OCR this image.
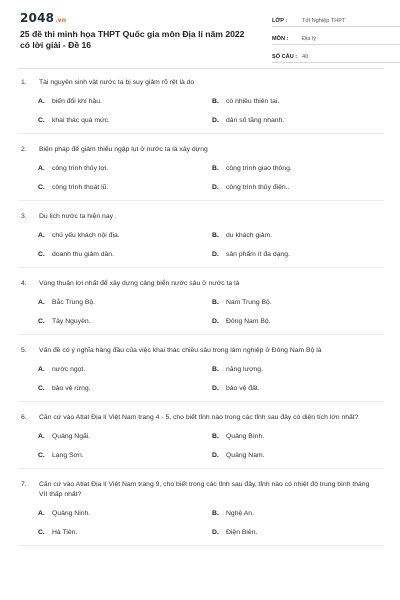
2048.vn
25 đề thi minh họa THPT Quốc gia môn Địa lí năm 2022 có lời giải - Đề 16
LỚP :	Tốt Nghiệp THPT
MÔN :	Địa lý
SỐ CÂU : 40
1.	Tài nguyên sinh vật nước ta bị suy giảm rõ rệt là do
A.	biến đổi khí hậu.	B.	có nhiều thiên tai.
C.	khai thác quá mức.	D.	dân số tăng nhanh.
2.	Biện pháp để giảm thiểu ngập lụt ở nước ta là xây dựng
A.	công trình thủy lợi.	B.	công trình giao thông.
C.	công trình thoát lũ.	D.	công trình thủy điện..
3.	Du lịch nước ta hiện nay .
A.	chủ yếu khách nội địa.	B.	du khách giảm.
C.	doanh thu giảm dần.	D.	sản phẩm ít đa dạng.
4.	Vùng thuận lợi nhất để xây dựng cảng biển nước sâu ở nước ta là
A.	Bắc Trung Bộ.	B.	Nam Trung Bộ.
C.	Tây Nguyên.	D.	Đông Nam Bộ.
5.	Vấn đề có ý nghĩa hàng đầu của việc khai thác chiều sâu trong lâm nghiệp ở Đông Nam Bộ là
A.	nước ngọt.	B.	năng lượng.
C.	bảo vệ rừng.	D.	bảo vệ đất.
6.	Căn cứ vào Atlat Địa lí Việt Nam trang 4 - 5, cho biết tỉnh nào trong các tỉnh sau đây có diện tích lớn nhất?
A.	Quảng Ngãi.	B.	Quảng Bình.
C.	Lạng Sơn.	D.	Quảng Nam.
7.	Căn cứ vào Atlat Địa lí Việt Nam trang 9, cho biết trong các tỉnh sau đây, tỉnh nào có nhiệt độ trung bình tháng VII thấp nhất?
A.	Quảng Ninh.	B.	Nghệ An.
C.	Hà Tiên.	D.	Điện Biên.
